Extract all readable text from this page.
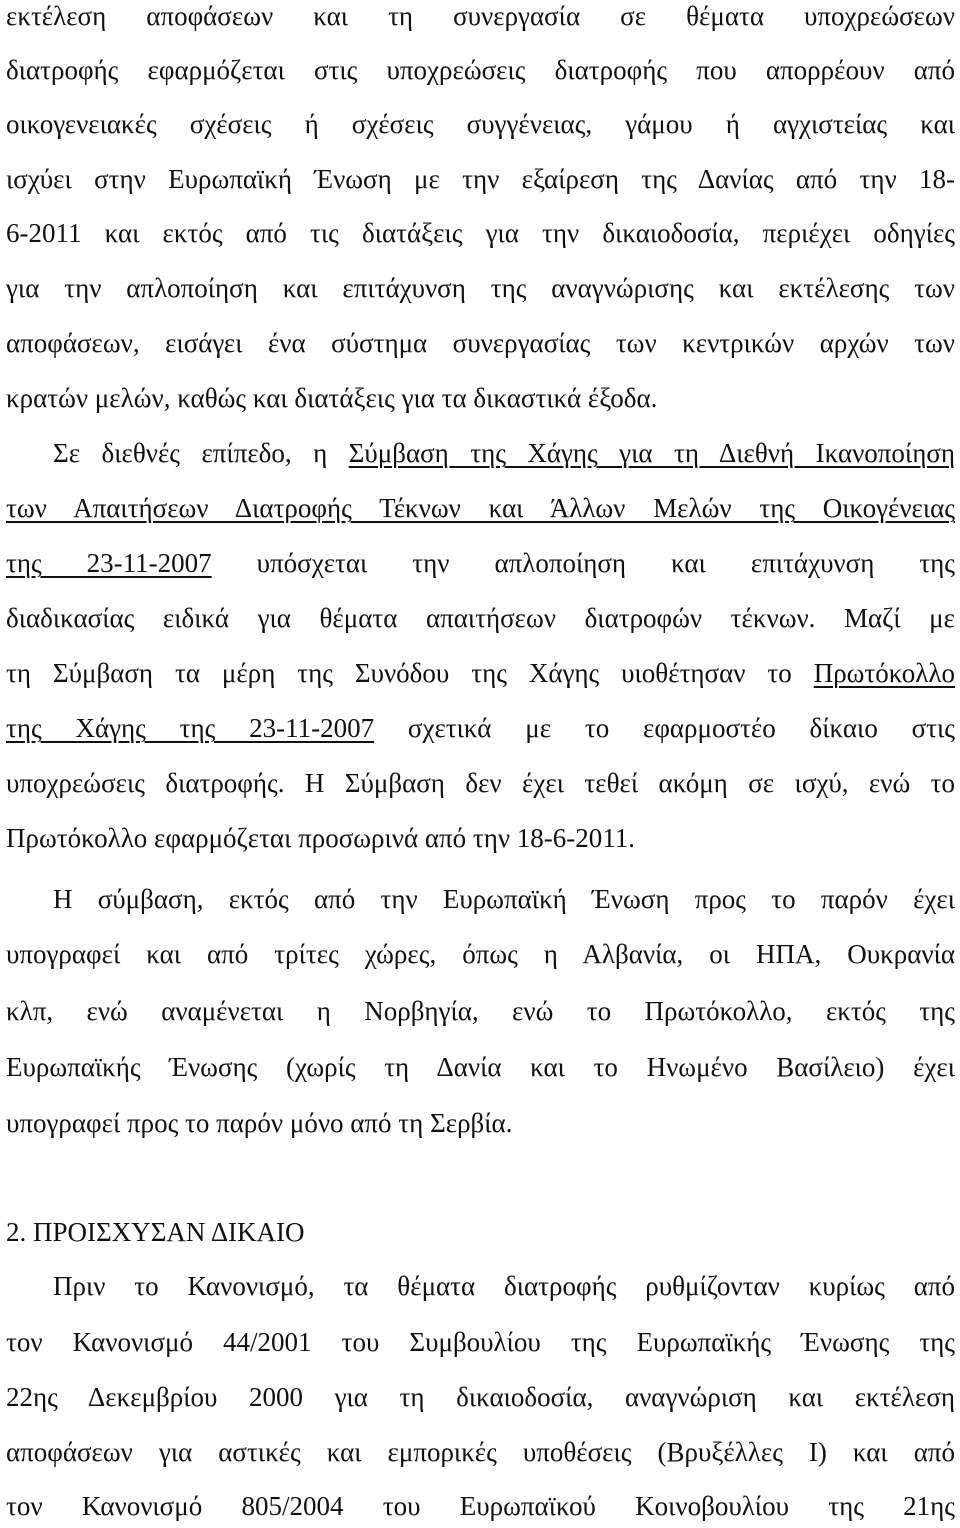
εκτέλεση αποφάσεων και τη συνεργασία σε θέματα υποχρεώσεων
διατροφής εφαρμόζεται στις υποχρεώσεις διατροφής που απορρέουν από
οικογενειακές σχέσεις ή σχέσεις συγγένειας, γάμου ή αγχιστείας και
ισχύει στην Ευρωπαϊκή Ένωση με την εξαίρεση της Δανίας από την 18-
6-2011 και εκτός από τις διατάξεις για την δικαιοδοσία, περιέχει οδηγίες
για την απλοποίηση και επιτάχυνση της αναγνώρισης και εκτέλεσης των
αποφάσεων, εισάγει ένα σύστημα συνεργασίας των κεντρικών αρχών των
κρατών μελών, καθώς και διατάξεις για τα δικαστικά έξοδα.
Σε διεθνές επίπεδο, η Σύμβαση της Χάγης για τη Διεθνή Ικανοποίηση
των Απαιτήσεων Διατροφής Τέκνων και Άλλων Μελών της Οικογένειας
της 23-11-2007 υπόσχεται την απλοποίηση και επιτάχυνση της
διαδικασίας ειδικά για θέματα απαιτήσεων διατροφών τέκνων. Μαζί με
τη Σύμβαση τα μέρη της Συνόδου της Χάγης υιοθέτησαν το Πρωτόκολλο
της Χάγης της 23-11-2007 σχετικά με το εφαρμοστέο δίκαιο στις
υποχρεώσεις διατροφής. Η Σύμβαση δεν έχει τεθεί ακόμη σε ισχύ, ενώ το
Πρωτόκολλο εφαρμόζεται προσωρινά από την 18-6-2011.
Η σύμβαση, εκτός από την Ευρωπαϊκή Ένωση προς το παρόν έχει
υπογραφεί και από τρίτες χώρες, όπως η Αλβανία, οι ΗΠΑ, Ουκρανία
κλπ, ενώ αναμένεται η Νορβηγία, ενώ το Πρωτόκολλο, εκτός της
Ευρωπαϊκής Ένωσης (χωρίς τη Δανία και το Ηνωμένο Βασίλειο) έχει
υπογραφεί προς το παρόν μόνο από τη Σερβία.
2. ΠΡΟΙΣΧΥΣΑΝ ΔΙΚΑΙΟ
Πριν το Κανονισμό, τα θέματα διατροφής ρυθμίζονταν κυρίως από
τον Κανονισμό 44/2001 του Συμβουλίου της Ευρωπαϊκής Ένωσης της
22ης Δεκεμβρίου 2000 για τη δικαιοδοσία, αναγνώριση και εκτέλεση
αποφάσεων για αστικές και εμπορικές υποθέσεις (Βρυξέλλες Ι) και από
τον Κανονισμό 805/2004 του Ευρωπαϊκού Κοινοβουλίου της 21ης
